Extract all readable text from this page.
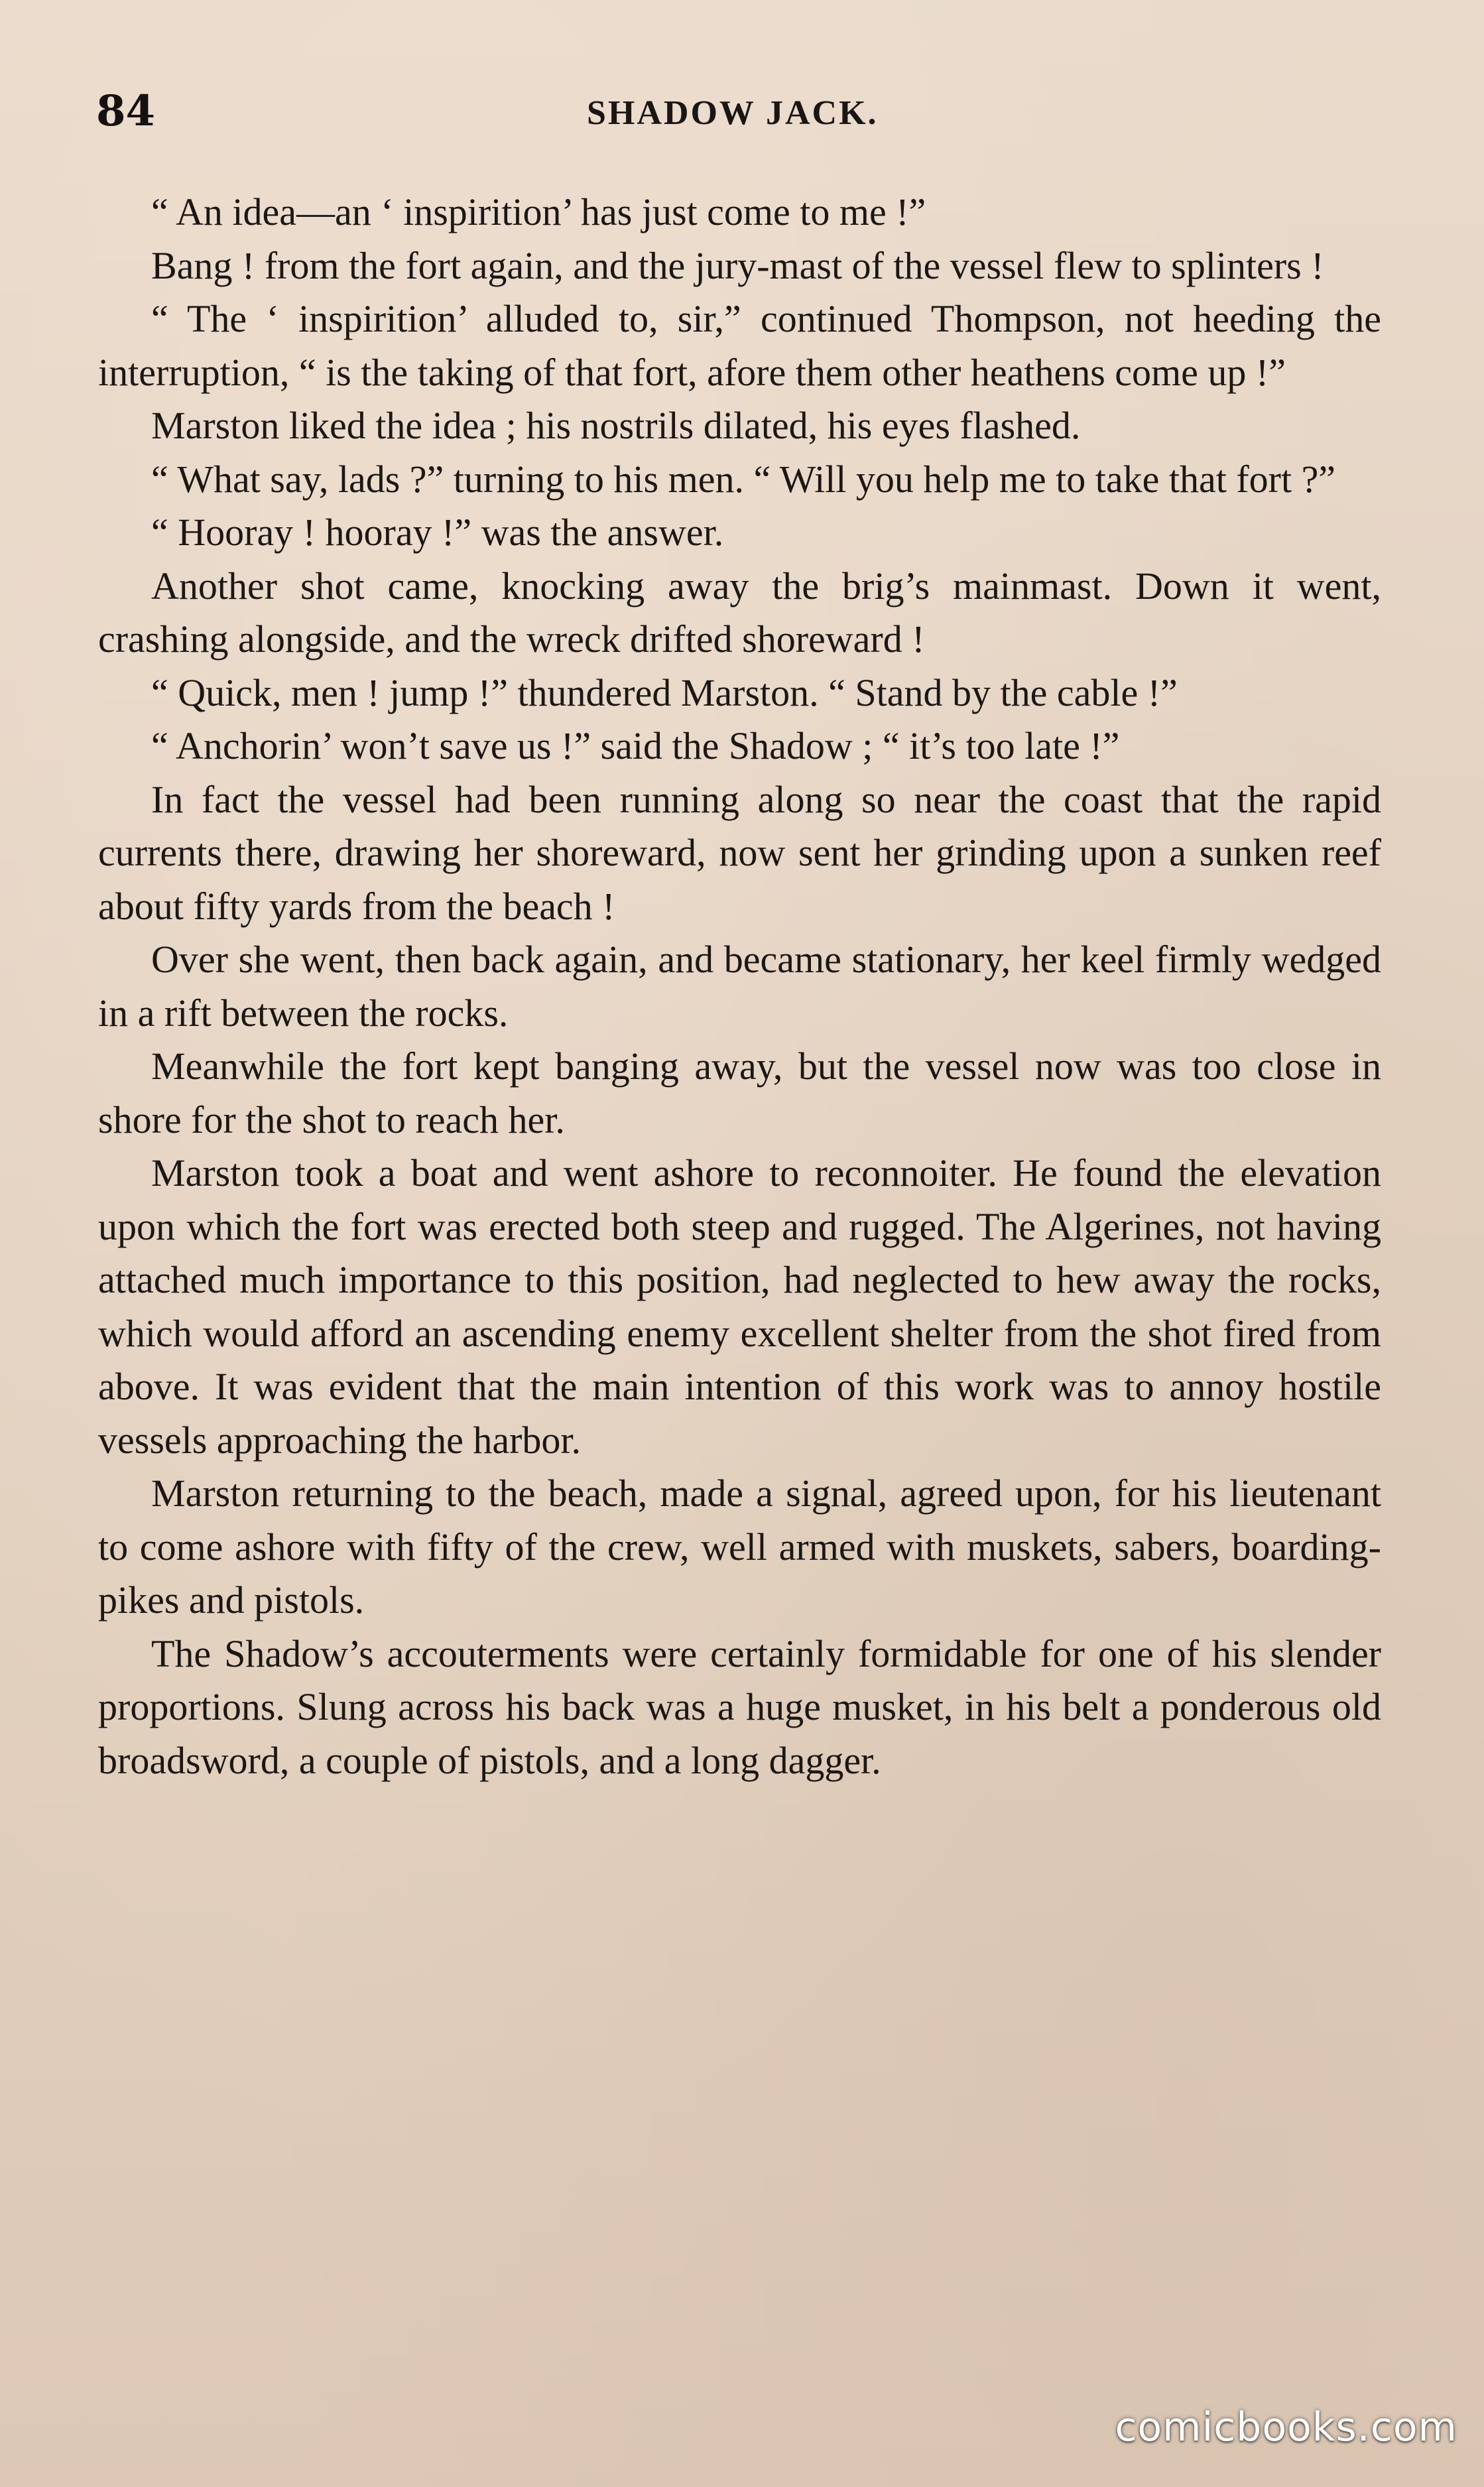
84	SHADOW JACK.

“ An idea—an ‘ inspirition’ has just come to me !”

Bang ! from the fort again, and the jury-mast of the vessel flew to splinters !

“ The ‘ inspirition’ alluded to, sir,” continued Thompson, not heeding the interruption, “ is the taking of that fort, afore them other heathens come up !”

Marston liked the idea ; his nostrils dilated, his eyes flashed.

“ What say, lads ?” turning to his men. “ Will you help me to take that fort ?”

“ Hooray ! hooray !” was the answer.

Another shot came, knocking away the brig’s mainmast. Down it went, crashing alongside, and the wreck drifted shoreward !

“ Quick, men ! jump !” thundered Marston. “ Stand by the cable !”

“ Anchorin’ won’t save us !” said the Shadow ; “ it’s too late !”

In fact the vessel had been running along so near the coast that the rapid currents there, drawing her shoreward, now sent her grinding upon a sunken reef about fifty yards from the beach !

Over she went, then back again, and became stationary, her keel firmly wedged in a rift between the rocks.

Meanwhile the fort kept banging away, but the vessel now was too close in shore for the shot to reach her.

Marston took a boat and went ashore to reconnoiter. He found the elevation upon which the fort was erected both steep and rugged. The Algerines, not having attached much importance to this position, had neglected to hew away the rocks, which would afford an ascending enemy excellent shelter from the shot fired from above. It was evident that the main intention of this work was to annoy hostile vessels approaching the harbor.

Marston returning to the beach, made a signal, agreed upon, for his lieutenant to come ashore with fifty of the crew, well armed with muskets, sabers, boarding-pikes and pistols.

The Shadow’s accouterments were certainly formidable for one of his slender proportions. Slung across his back was a huge musket, in his belt a ponderous old broadsword, a couple of pistols, and a long dagger.

comicbooks.com
